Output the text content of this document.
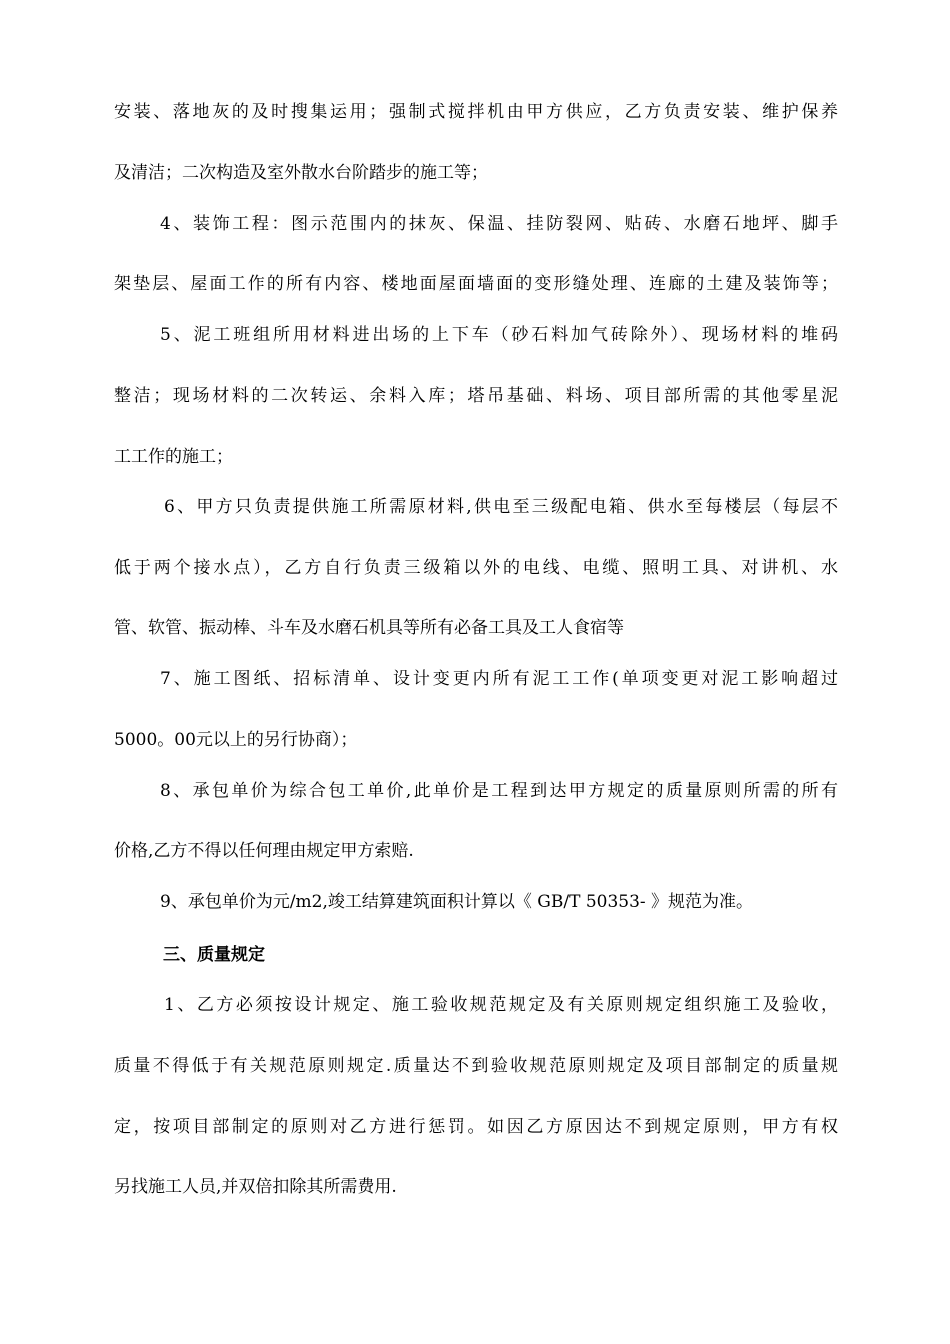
安装、落地灰的及时搜集运用；强制式搅拌机由甲方供应，乙方负责安装、维护保养
及清洁；二次构造及室外散水台阶踏步的施工等；
4、装饰工程：图示范围内的抹灰、保温、挂防裂网、贴砖、水磨石地坪、脚手
架垫层、屋面工作的所有内容、楼地面屋面墙面的变形缝处理、连廊的土建及装饰等；
5、泥工班组所用材料进出场的上下车（砂石料加气砖除外）、现场材料的堆码
整洁；现场材料的二次转运、余料入库；塔吊基础、料场、项目部所需的其他零星泥
工工作的施工；
6、甲方只负责提供施工所需原材料,供电至三级配电箱、供水至每楼层（每层不
低于两个接水点），乙方自行负责三级箱以外的电线、电缆、照明工具、对讲机、水
管、软管、振动棒、斗车及水磨石机具等所有必备工具及工人食宿等
7、施工图纸、招标清单、设计变更内所有泥工工作(单项变更对泥工影响超过
5000。00元以上的另行协商）；
8、承包单价为综合包工单价,此单价是工程到达甲方规定的质量原则所需的所有
价格,乙方不得以任何理由规定甲方索赔.
9、承包单价为元/m2,竣工结算建筑面积计算以《 GB/T 50353- 》规范为准。
三、质量规定
1、乙方必须按设计规定、施工验收规范规定及有关原则规定组织施工及验收，
质量不得低于有关规范原则规定.质量达不到验收规范原则规定及项目部制定的质量规
定，按项目部制定的原则对乙方进行惩罚。如因乙方原因达不到规定原则，甲方有权
另找施工人员,并双倍扣除其所需费用.
